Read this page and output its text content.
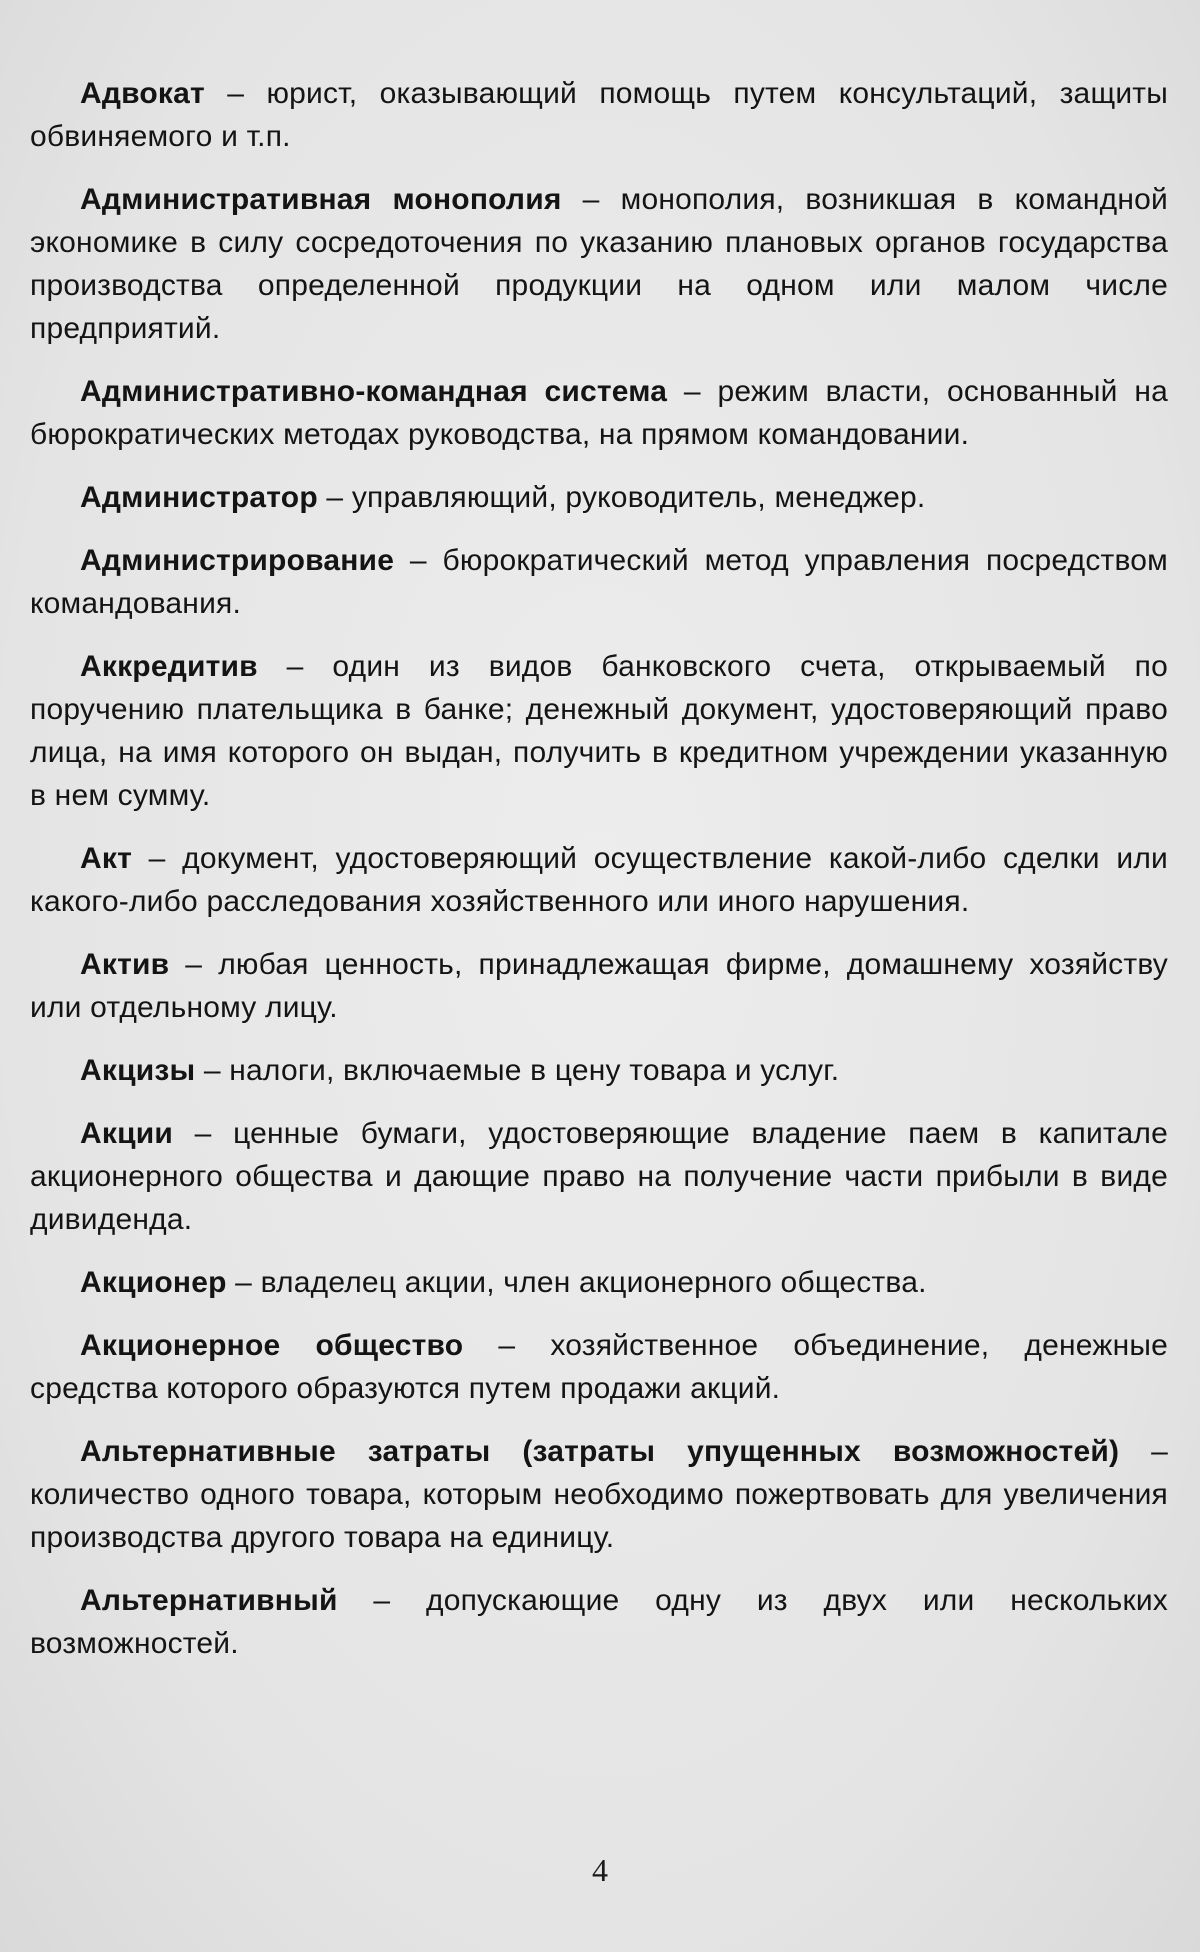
Адвокат – юрист, оказывающий помощь путем консультаций, защиты обвиняемого и т.п.

Административная монополия – монополия, возникшая в командной экономике в силу сосредоточения по указанию плановых органов государства производства определенной продукции на одном или малом числе предприятий.

Административно-командная система – режим власти, основанный на бюрократических методах руководства, на прямом командовании.

Администратор – управляющий, руководитель, менеджер.

Администрирование – бюрократический метод управления посредством командования.

Аккредитив – один из видов банковского счета, открываемый по поручению плательщика в банке; денежный документ, удостоверяющий право лица, на имя которого он выдан, получить в кредитном учреждении указанную в нем сумму.

Акт – документ, удостоверяющий осуществление какой-либо сделки или какого-либо расследования хозяйственного или иного нарушения.

Актив – любая ценность, принадлежащая фирме, домашнему хозяйству или отдельному лицу.

Акцизы – налоги, включаемые в цену товара и услуг.

Акции – ценные бумаги, удостоверяющие владение паем в капитале акционерного общества и дающие право на получение части прибыли в виде дивиденда.

Акционер – владелец акции, член акционерного общества.

Акционерное общество – хозяйственное объединение, денежные средства которого образуются путем продажи акций.

Альтернативные затраты (затраты упущенных возможностей) – количество одного товара, которым необходимо пожертвовать для увеличения производства другого товара на единицу.

Альтернативный – допускающие одну из двух или нескольких возможностей.

4
